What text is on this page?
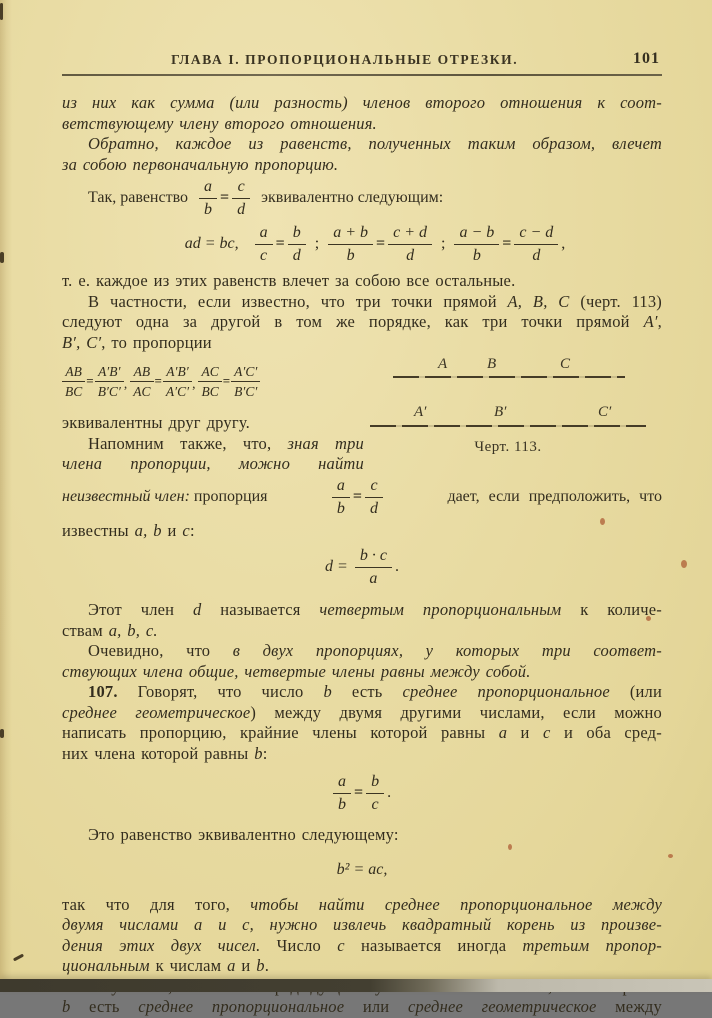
ГЛАВА I. ПРОПОРЦИОНАЛЬНЫЕ ОТРЕЗКИ.	101
из них как сумма (или разность) членов второго отношения к соот-
ветствующему члену второго отношения.
Обратно, каждое из равенств, полученных таким образом, влечет
за собою первоначальную пропорцию.
Так, равенство $\frac{a}{b} = \frac{c}{d}$ эквивалентно следующим:
ad = bc, $\frac{a}{c} = \frac{b}{d}$ ; $\frac{a + b}{b} = \frac{c + d}{d}$ ; $\frac{a - b}{b} = \frac{c - d}{d}$ ,
т. е. каждое из этих равенств влечет за собою все остальные.
В частности, если известно, что три точки прямой A, B, C (черт. 113)
следуют одна за другой в том же порядке, как три точки прямой A′,
B′, C′, то пропорции
$\frac{AB}{BC} = \frac{A'B'}{B'C'}$ , $\frac{AB}{AC} = \frac{A'B'}{A'C'}$ , $\frac{AC}{BC} = \frac{A'C'}{B'C'}$
эквивалентны друг другу.
Напомним также, что, зная три
члена пропорции, можно найти
A	B	C
A′	B′	C′
Черт. 113.
неизвестный член: пропорция	$\frac{a}{b} = \frac{c}{d}$	дает, если предположить, что
известны a, b и c:
$d = \frac{b \cdot c}{a}$ .
Этот член d называется четвертым пропорциональным к количе-
ствам a, b, c.
Очевидно, что в двух пропорциях, у которых три соответ-
ствующих члена общие, четвертые члены равны между собой.
107. Говорят, что число b есть среднее пропорциональное (или
среднее геометрическое) между двумя другими числами, если можно
написать пропорцию, крайние члены которой равны a и c и оба сред-
них члена которой равны b:
$\frac{a}{b} = \frac{b}{c}$ .
Это равенство эквивалентно следующему:
b² = ac,
так что для того, чтобы найти среднее пропорциональное между
двумя числами a и c, нужно извлечь квадратный корень из произве-
дения этих двух чисел. Число c называется иногда третьим пропор-
циональным к числам a и b.
b есть среднее пропорциональное или среднее геометрическое между
